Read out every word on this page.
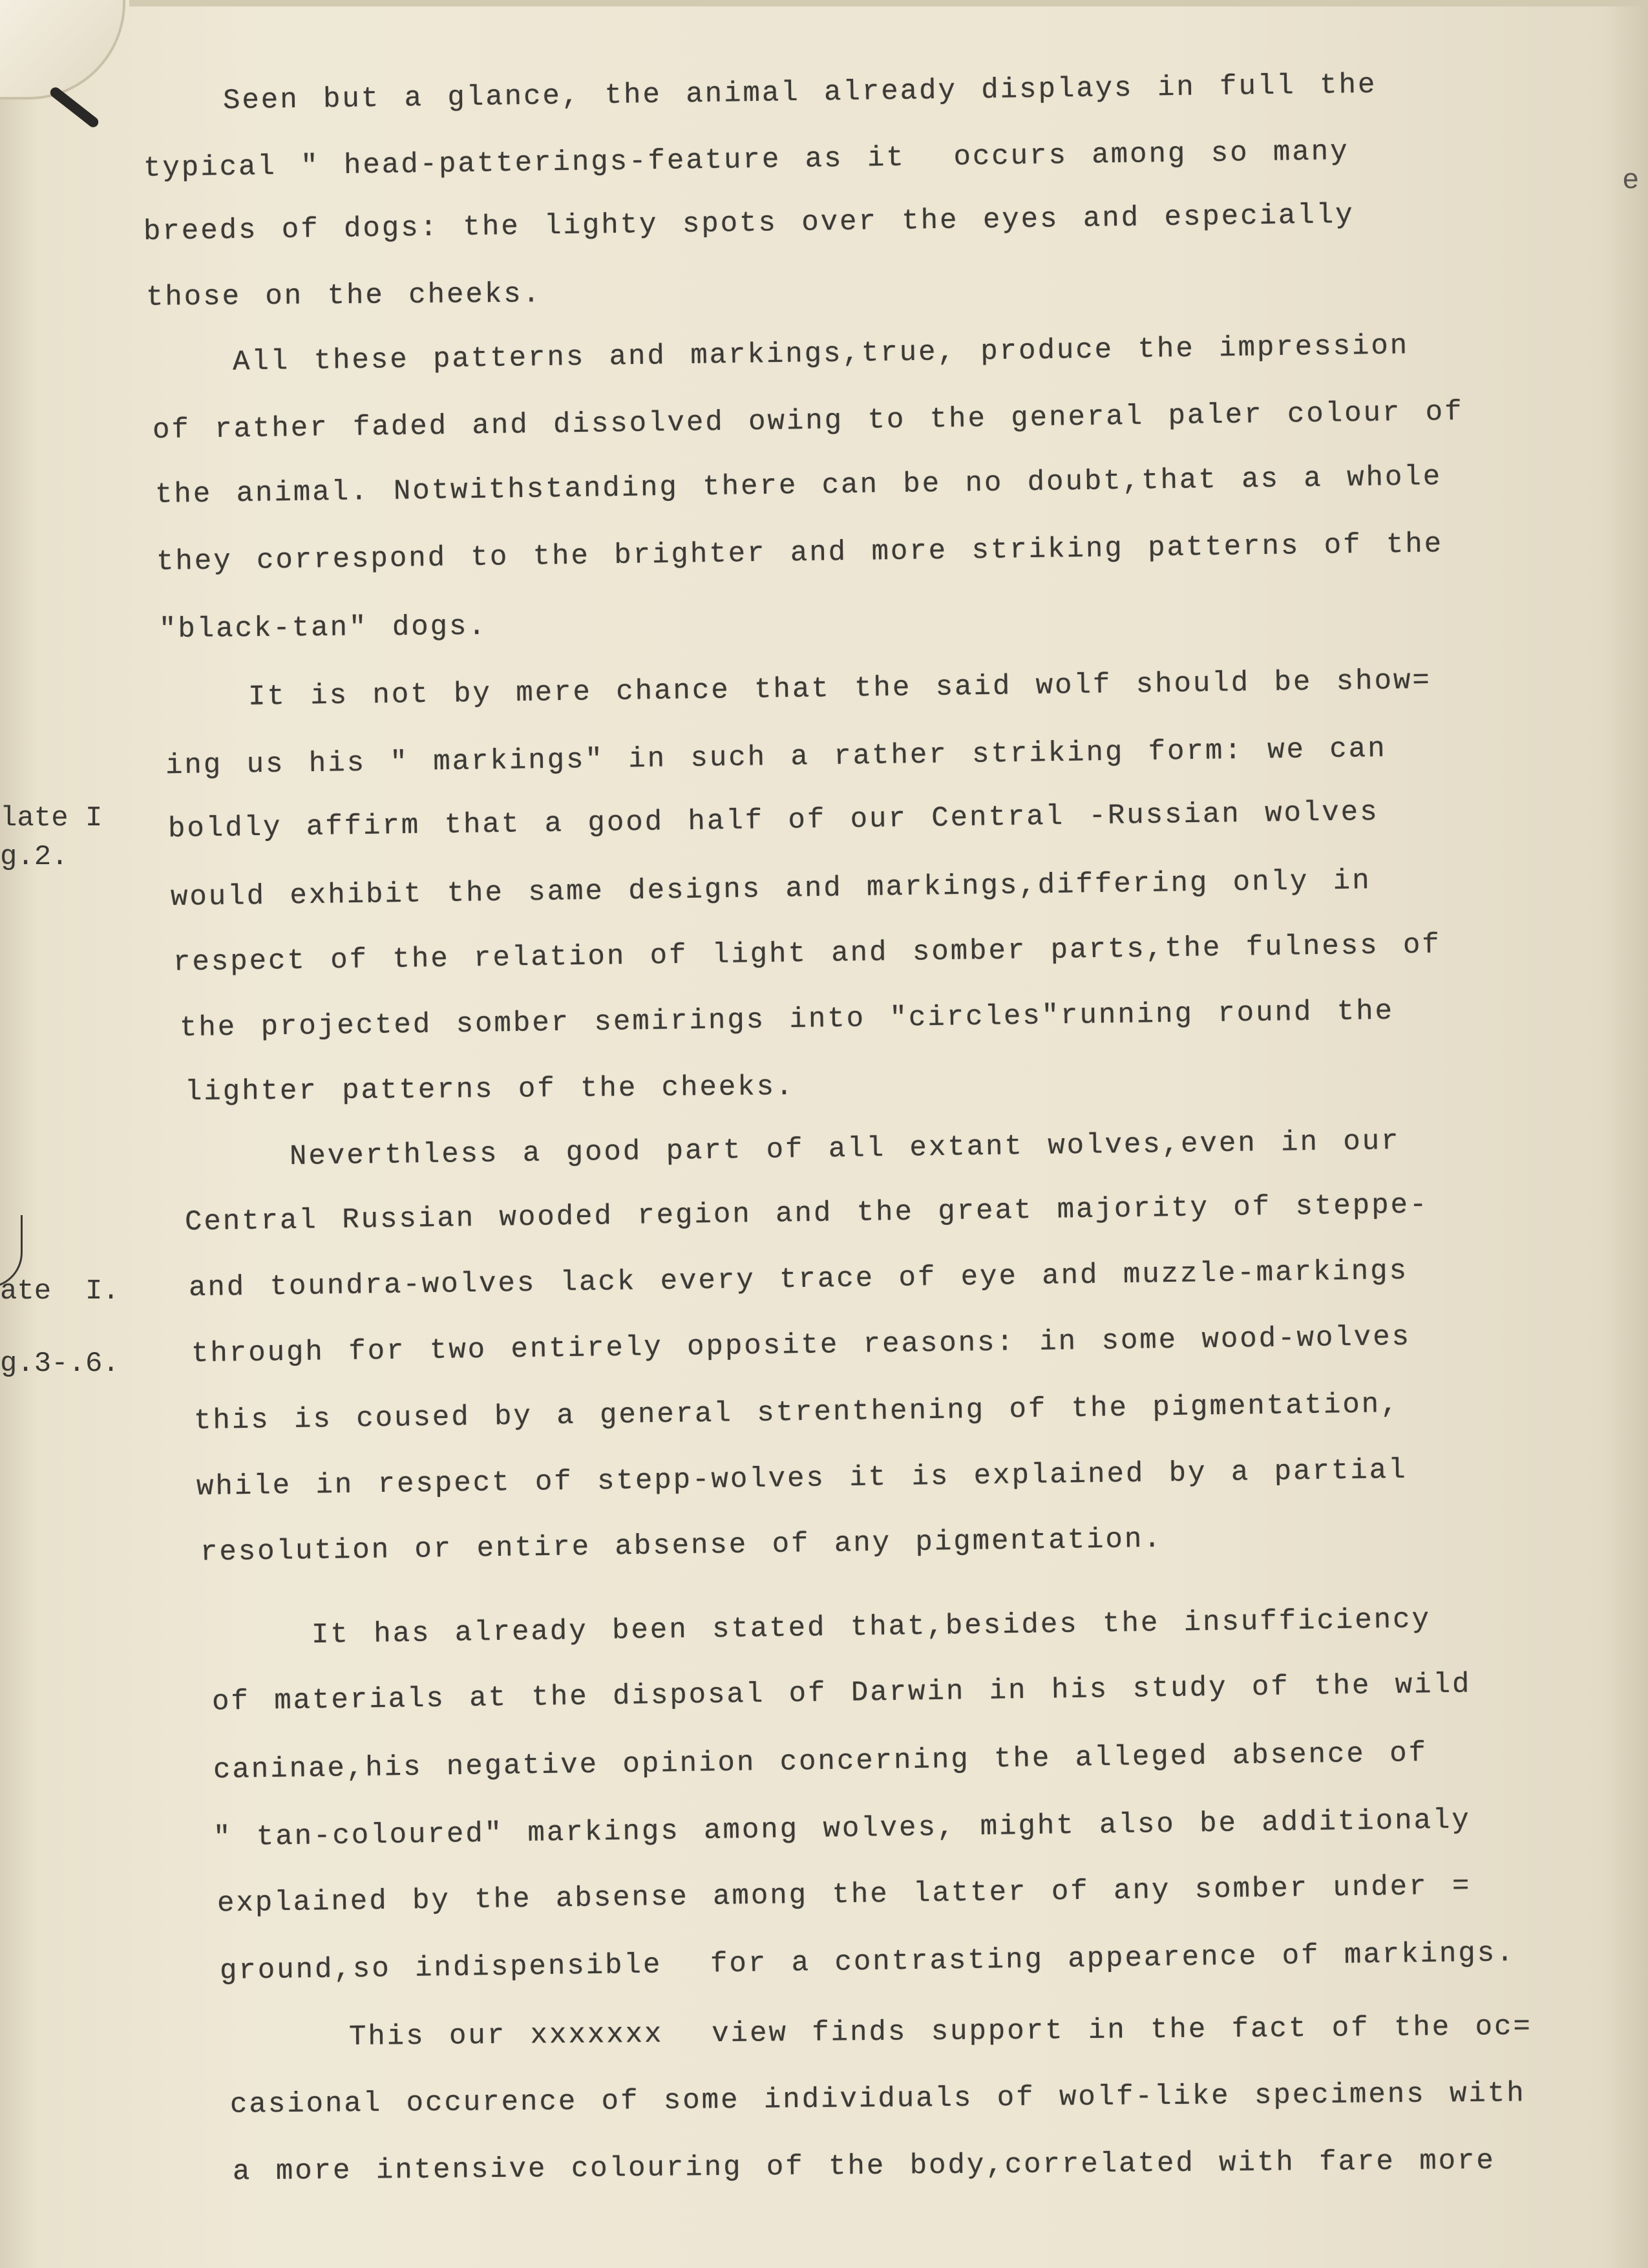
e
late I
g.2.
ate  I.
g.3-.6.
Seen but a glance, the animal already displays in full the
typical " head-patterings-feature as it  occurs among so many
breeds of dogs: the lighty spots over the eyes and especially
those on the cheeks.
All these patterns and markings,true, produce the impression
of rather faded and dissolved owing to the general paler colour of
the animal. Notwithstanding there can be no doubt,that as a whole
they correspond to the brighter and more striking patterns of the
"black-tan" dogs.
It is not by mere chance that the said wolf should be show=
ing us his " markings" in such a rather striking form: we can
boldly affirm that a good half of our Central -Russian wolves
would exhibit the same designs and markings,differing only in
respect of the relation of light and somber parts,the fulness of
the projected somber semirings into "circles"running round the
lighter patterns of the cheeks.
Neverthless a good part of all extant wolves,even in our
Central Russian wooded region and the great majority of steppe-
and toundra-wolves lack every trace of eye and muzzle-markings
through for two entirely opposite reasons: in some wood-wolves
this is coused by a general strenthening of the pigmentation,
while in respect of stepp-wolves it is explained by a partial
resolution or entire absense of any pigmentation.
It has already been stated that,besides the insufficiency
of materials at the disposal of Darwin in his study of the wild
caninae,his negative opinion concerning the alleged absence of
" tan-coloured" markings among wolves, might also be additionaly
explained by the absense among the latter of any somber under =
ground,so indispensible  for a contrasting appearence of markings.
This our xxxxxxx  view finds support in the fact of the oc=
casional occurence of some individuals of wolf-like specimens with
a more intensive colouring of the body,correlated with fare more
